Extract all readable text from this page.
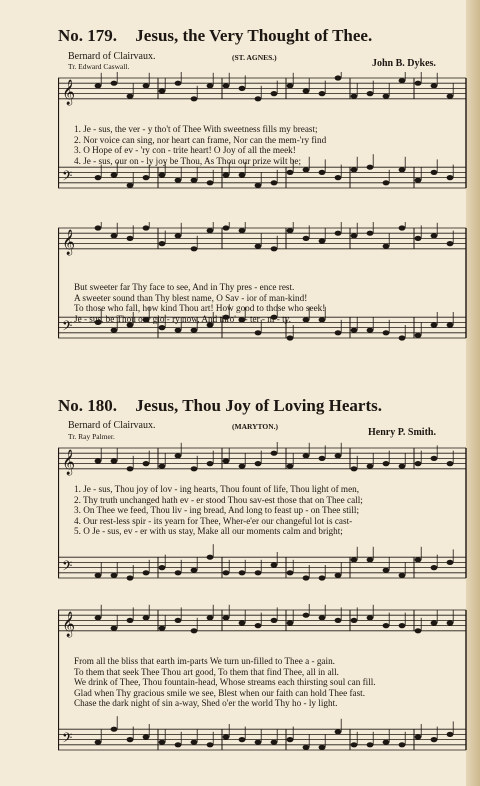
No. 179. Jesus, the Very Thought of Thee.
Bernard of Clairvaux.
Tr. Edward Caswall.
(ST. AGNES.)
John B. Dykes.
𝄞
𝄢
1. Je - sus, the ver - y tho't of Thee With sweetness fills my breast;
2. Nor voice can sing, nor heart can frame, Nor can the mem-'ry find
3. O Hope of ev - 'ry con - trite heart! O Joy of all the meek!
4. Je - sus, our on - ly joy be Thou, As Thou our prize wilt be;
𝄞
𝄢
But sweeter far Thy face to see, And in Thy pres - ence rest.
A sweeter sound than Thy blest name, O Sav - ior of man-kind!
To those who fall, how kind Thou art! How good to those who seek!
Je - sus, be Thou our glo - ry now, And thro' e - ter - ni - ty.
No. 180. Jesus, Thou Joy of Loving Hearts.
Bernard of Clairvaux.
Tr. Ray Palmer.
(MARYTON.)
Henry P. Smith.
𝄞
𝄢
1. Je - sus, Thou joy of lov - ing hearts, Thou fount of life, Thou light of men,
2. Thy truth unchanged hath ev - er stood Thou sav-est those that on Thee call;
3. On Thee we feed, Thou liv - ing bread, And long to feast up - on Thee still;
4. Our rest-less spir - its yearn for Thee, Wher-e'er our changeful lot is cast-
5. O Je - sus, ev - er with us stay, Make all our moments calm and bright;
𝄞
𝄢
From all the bliss that earth im-parts We turn un-filled to Thee a - gain.
To them that seek Thee Thou art good, To them that find Thee, all in all.
We drink of Thee, Thou fountain-head, Whose streams each thirsting soul can fill.
Glad when Thy gracious smile we see, Blest when our faith can hold Thee fast.
Chase the dark night of sin a-way, Shed o'er the world Thy ho - ly light.
